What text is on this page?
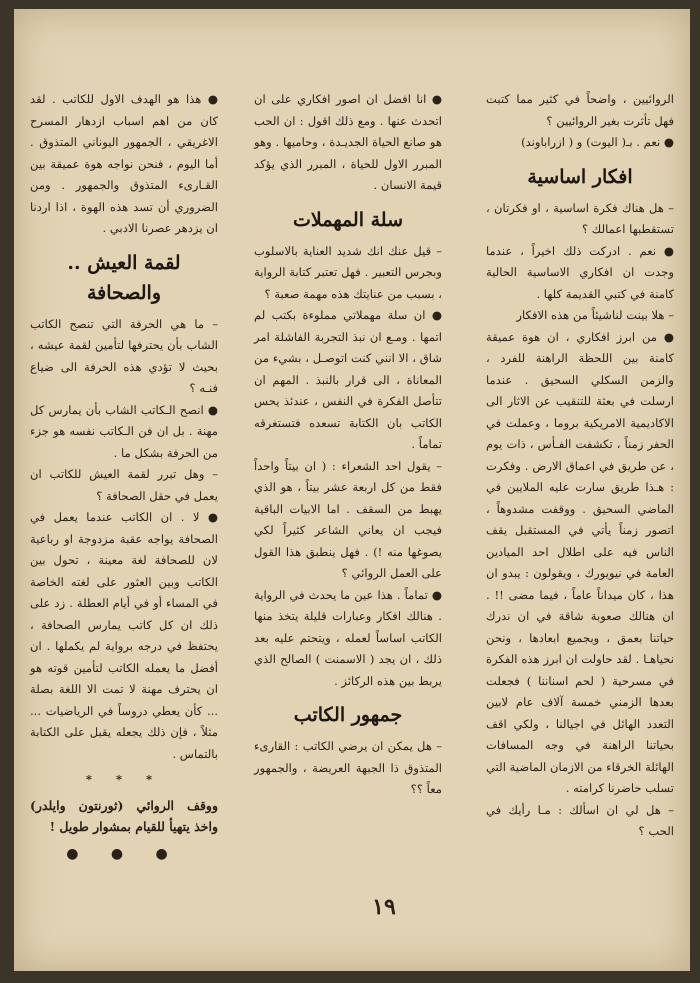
الروائيين ، واضحاً في كثير مما كتبت فهل تأثرت بغير الروائيين ؟

● نعم . بـ( اليوت) و ( ازراباوند)

افكار اساسية

– هل هناك فكرة اساسية ، او فكرتان ، تستقطبها اعمالك ؟

● نعم . ادركت ذلك اخيراً ، عندما وجدت ان افكاري الاساسية الحالية كامنة في كتبي القديمة كلها .

– هلا بينت لناشيئاً من هذه الافكار

● من ابرز افكاري ، ان هوة عميقة كامنة بين اللحظة الراهنة للفرد ، والزمن السكلي السحيق . عندما ارسلت في بعثة للتنقيب عن الاثار الى الاكاديمية الامريكية بروما ، وعملت في الحفر زمناً ، تكشفت الفـأس ، ذات يوم ، عن طريق في اعماق الارض . وفكرت : هـذا طريق سارت عليه الملايين في الماضي السحيق . ووقفت مشدوهاً ، اتصور زمناً يأتي في المستقبل يقف الناس فيه على اطلال احد الميادين العامة في نيويورك ، ويقولون : يبدو ان هذا ، كان ميداناً عاماً ، فيما مضى !! . ان هنالك صعوبة شاقة في ان ندرك حياتنا بعمق ، وبجميع ابعادها ، ونحن نحياهـا . لقد حاولت ان ابرز هذه الفكرة في مسرحية ( لحم اسناننا ) فجعلت بعدها الزمني خمسة آلاف عام لابين التعدد الهائل في اجيالنا ، ولكي اقف بحياتنا الراهنة في وجه المسافات الهائلة الخرقاء من الازمان الماضية التي تسلب حاضرنا كرامته .

– هل لي ان اسألك : مـا رأيك في الحب ؟

● انا افضل ان اصور افكاري على ان اتحدث عنها . ومع ذلك اقول : ان الحب هو صانع الحياة الجديـدة ، وحاميها . وهو المبرر الاول للحياة ، المبرر الذي يؤكد قيمة الانسان .

سلة المهملات

– قيل عنك انك شديد العناية بالاسلوب وبجرس التعبير . فهل تعتبر كتابة الرواية ، بسبب من عنايتك هذه مهمة صعبة ؟

● ان سلة مهملاتي مملوءة بكتب لم اتمها . ومـع ان نبذ التجربة الفاشلة امر شاق ، الا انني كنت اتوصـل ، بشيء من المعاناة ، الى قرار بالنبذ . المهم ان تتأصل الفكرة في النفس ، عندئذ يحس الكاتب بان الكتابة تسعده فتستغرقه تماماً .

– يقول احد الشعراء : ( ان بيتاً واحداً فقط من كل اربعة عشر بيتاً ، هو الذي يهبط من السقف . اما الابيات الباقية فيجب ان يعاني الشاعر كثيراً لكي يصوغها منه !) . فهل ينطبق هذا القول على العمل الروائي ؟

● تماماً . هذا عين ما يحدث في الرواية . هنالك افكار وعبارات قليلة يتخذ منها الكاتب اساساً لعمله ، ويتحتم عليه بعد ذلك ، ان يجد ( الاسمنت ) الصالح الذي يربط بين هذه الركائز .

جمهور الكاتب

– هل يمكن ان يرضي الكاتب : القارىء المتذوق ذا الجبهة العريضة ، والجمهور معاً ؟؟

● هذا هو الهدف الاول للكاتب . لقد كان من اهم اسباب ازدهار المسرح الاغريقي ، الجمهور اليوناني المتذوق . أما اليوم ، فنحن نواجه هوة عميقة بين القـارىء المتذوق والجمهور . ومن الضروري أن تسد هذه الهوة ، اذا اردنا ان يزدهر عصرنا الادبي .

لقمة العيش .. والصحافة

– ما هي الحرفة التي تنصح الكاتب الشاب بأن يحترفها لتأمين لقمة عيشه ، بحيث لا تؤدي هذه الحرفة الى ضياع فنـه ؟

● انصح الـكاتب الشاب بأن يمارس كل مهنة . بل ان فن الـكاتب نفسه هو جزء من الحرفة بشكل ما .

– وهل تبرر لقمة العيش للكاتب ان يعمل في حقل الصحافة ؟

● لا . ان الكاتب عندما يعمل في الصحافة يواجه عقبة مزدوجة او رباعية لان للصحافة لغة معينة ، تحول بين الكاتب وبين العثور على لغته الخاصة في المساء أو في أيام العطلة . زد على ذلك ان كل كاتب يمارس الصحافة ، يحتفظ في درجه برواية لم يكملها . ان أفضل ما يعمله الكاتب لتأمين قوته هو ان يحترف مهنة لا تمت الا اللغة بصلة ... كأن يعطي دروساً في الرياضيات ... مثلاً ، فإن ذلك يجعله يقبل على الكتابة بالتماس .

* * *

ووقف الروائي (ثورنتون وايلدر) واخذ يتهيأ للقيام بمشوار طويل !

● ● ●
١٩
